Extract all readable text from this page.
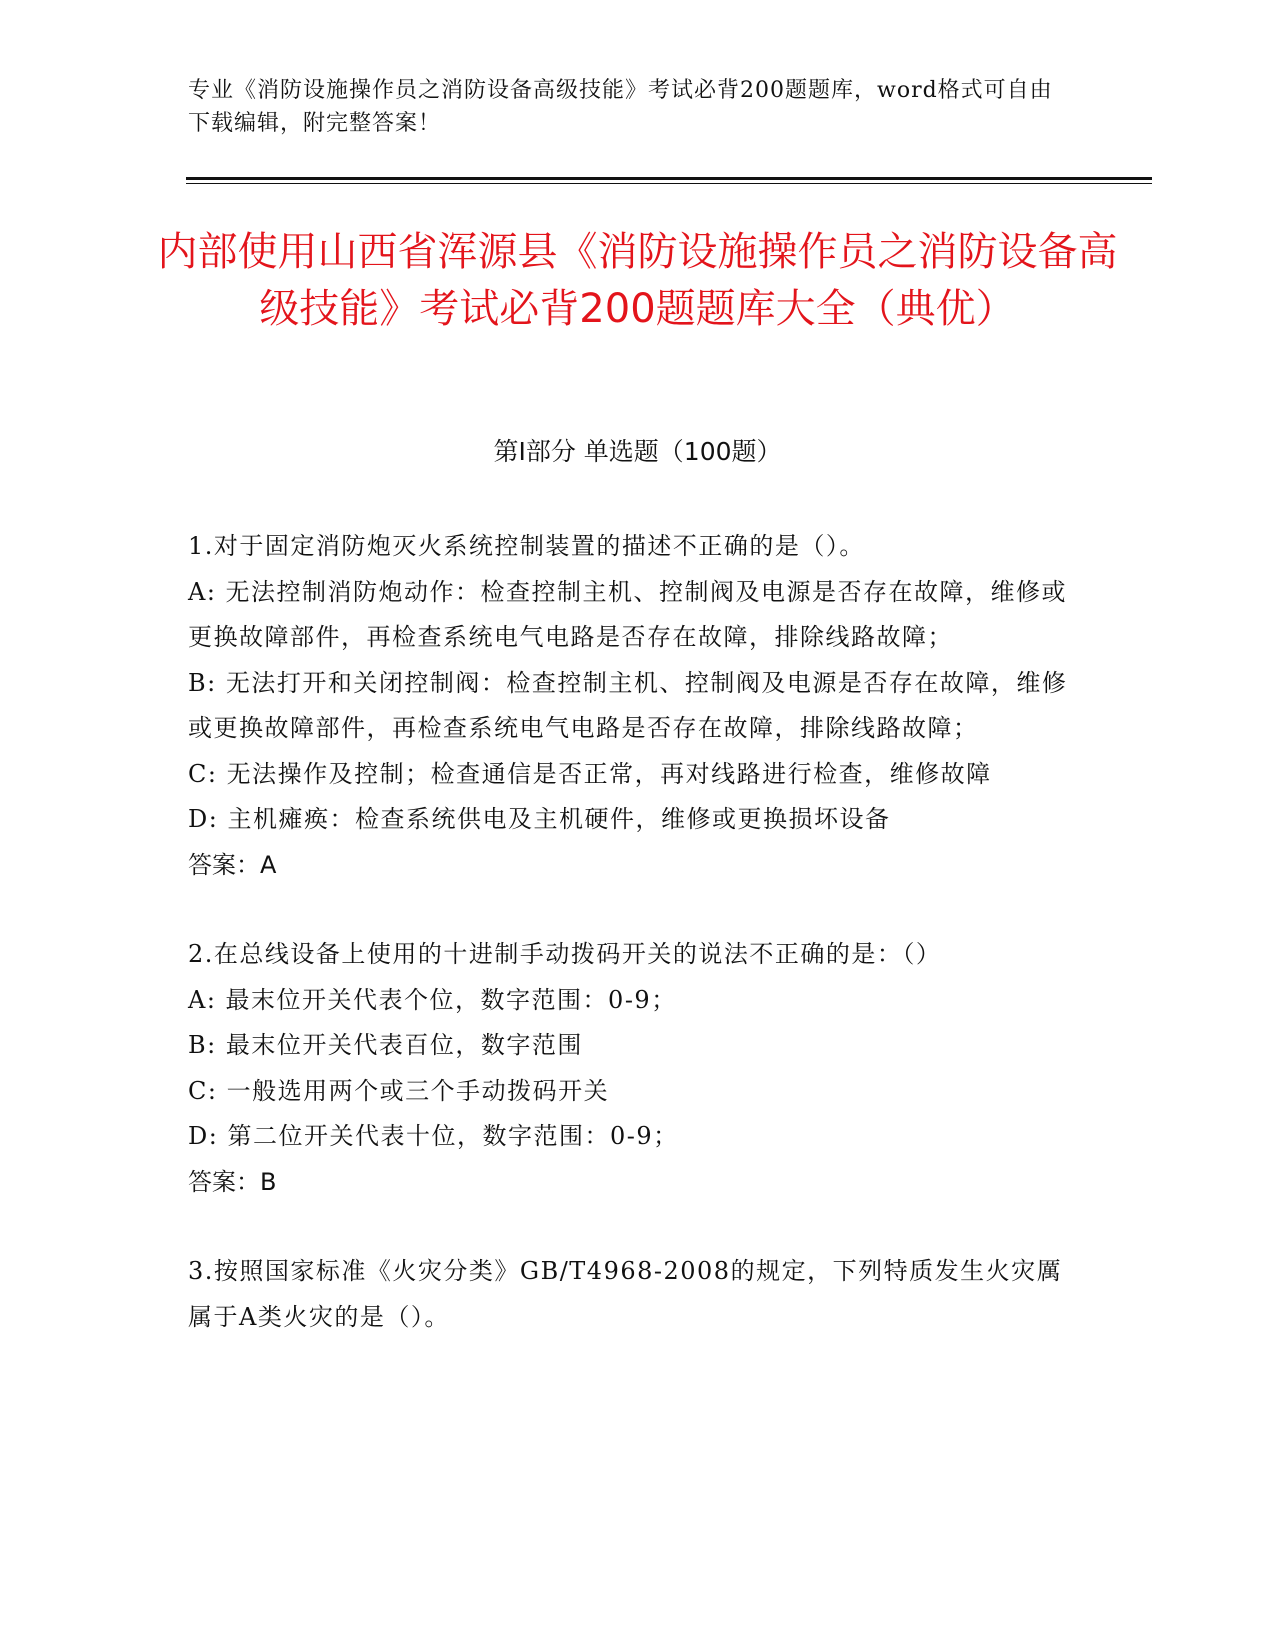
专业《消防设施操作员之消防设备高级技能》考试必背200题题库，word格式可自由下载编辑，附完整答案！
内部使用山西省浑源县《消防设施操作员之消防设备高级技能》考试必背200题题库大全（典优）
第I部分 单选题（100题）

1.对于固定消防炮灭火系统控制装置的描述不正确的是（）。

A: 无法控制消防炮动作：检查控制主机、控制阀及电源是否存在故障，维修或更换故障部件，再检查系统电气电路是否存在故障，排除线路故障；

B: 无法打开和关闭控制阀：检查控制主机、控制阀及电源是否存在故障，维修或更换故障部件，再检查系统电气电路是否存在故障，排除线路故障；

C: 无法操作及控制；检查通信是否正常，再对线路进行检查，维修故障

D: 主机瘫痪：检查系统供电及主机硬件，维修或更换损坏设备

答案：A

2.在总线设备上使用的十进制手动拨码开关的说法不正确的是：（）

A: 最末位开关代表个位，数字范围：0-9；

B: 最末位开关代表百位，数字范围

C: 一般选用两个或三个手动拨码开关

D: 第二位开关代表十位，数字范围：0-9；

答案：B

3.按照国家标准《火灾分类》GB/T4968-2008的规定，下列特质发生火灾厲属于A类火灾的是（）。
